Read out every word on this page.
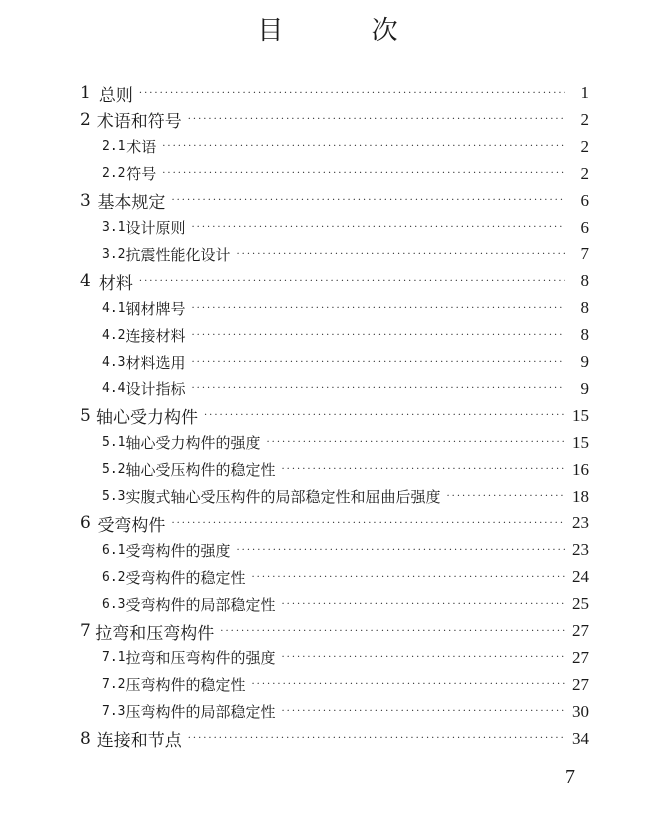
目 次
1 总则 ·····	1
2 术语和符号 ·····	2
2.1 术语 ·····	2
2.2 符号 ·····	2
3 基本规定 ·····	6
3.1 设计原则 ·····	6
3.2 抗震性能化设计 ·····	7
4 材料 ·····	8
4.1 钢材牌号 ·····	8
4.2 连接材料 ·····	8
4.3 材料选用 ·····	9
4.4 设计指标 ·····	9
5 轴心受力构件 ·····	15
5.1 轴心受力构件的强度 ·····	15
5.2 轴心受压构件的稳定性 ·····	16
5.3 实腹式轴心受压构件的局部稳定性和屈曲后强度 ·····	18
6 受弯构件 ·····	23
6.1 受弯构件的强度 ·····	23
6.2 受弯构件的稳定性 ·····	24
6.3 受弯构件的局部稳定性 ·····	25
7 拉弯和压弯构件 ·····	27
7.1 拉弯和压弯构件的强度 ·····	27
7.2 压弯构件的稳定性 ·····	27
7.3 压弯构件的局部稳定性 ·····	30
8 连接和节点 ·····	34
7
